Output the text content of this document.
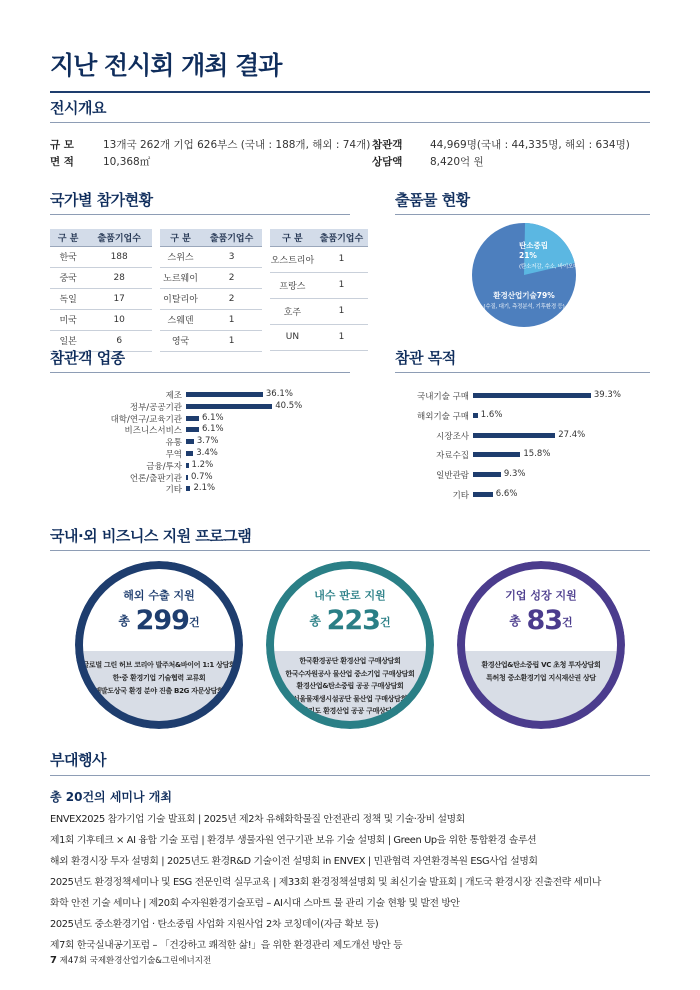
지난 전시회 개최 결과
전시개요
규 모	13개국 262개 기업 626부스 (국내 : 188개, 해외 : 74개)
면 적	10,368㎡
참관객	44,969명(국내 : 44,335명, 해외 : 634명)
상담액	8,420억 원
국가별 참가현황
구 분	출품기업수
한국	188
중국	28
독일	17
미국	10
일본	6
구 분	출품기업수
스위스	3
노르웨이	2
이탈리아	2
스웨덴	1
영국	1
구 분	출품기업수
오스트리아	1
프랑스	1
호주	1
UN	1
출품물 현황
탄소중립
21%
(탄소저감, 수소, 바이오매스, 태양광 등)
환경산업기술79%
(수질, 대기, 측정분석, 기후환경 등)
참관객 업종
제조	36.1%
정부/공공기관	40.5%
대학/연구/교육기관 6.1%
비즈니스서비스 6.1%
유통 3.7%
무역 3.4%
금융/투자 1.2%
언론/출판기관 0.7%
기타 2.1%
참관 목적
국내기술 구매	39.3%
해외기술 구매 1.6%
시장조사	27.4%
자료수집	15.8%
일반관람	9.3%
기타	6.6%
국내·외 비즈니스 지원 프로그램
해외 수출 지원
$^총$ 299건
글로벌 그린 허브 코리아 발주처&바이어 1:1 상담회
한·중 환경기업 기술협력 교류회
개발도상국 환경 분야 진출 B2G 자문상담회
내수 판로 지원
$^총$ 223건
한국환경공단 환경산업 구매상담회
한국수자원공사 물산업 중소기업 구매상담회
환경산업&탄소중립 공공 구매상담회
서울물재생시설공단 물산업 구매상담회
경기도 환경산업 공공 구매상담회
기업 성장 지원
$^총$ 83건
환경산업&탄소중립 VC 초청 투자상담회
특허청 중소환경기업 지식재산권 상담
부대행사
총 20건의 세미나 개최
ENVEX2025 참가기업 기술 발표회 | 2025년 제2차 유해화학물질 안전관리 정책 및 기술·장비 설명회
제1회 기후테크 × AI 융합 기술 포럼 | 환경부 생물자원 연구기관 보유 기술 설명회 | Green Up을 위한 통합환경 솔루션
해외 환경시장 투자 설명회 | 2025년도 환경R&D 기술이전 설명회 in ENVEX | 민관협력 자연환경복원 ESG사업 설명회
2025년도 환경정책세미나 및 ESG 전문인력 실무교육 | 제33회 환경정책설명회 및 최신기술 발표회 | 개도국 환경시장 진출전략 세미나
화학 안전 기술 세미나 | 제20회 수자원환경기술포럼 – AI시대 스마트 물 관리 기술 현황 및 발전 방안
2025년도 중소환경기업 · 탄소중립 사업화 지원사업 2차 코칭데이(자금 확보 등)
제7회 한국실내공기포럼 – 「건강하고 쾌적한 삶!」을 위한 환경관리 제도개선 방안 등
7 제47회 국제환경산업기술&그린에너지전
